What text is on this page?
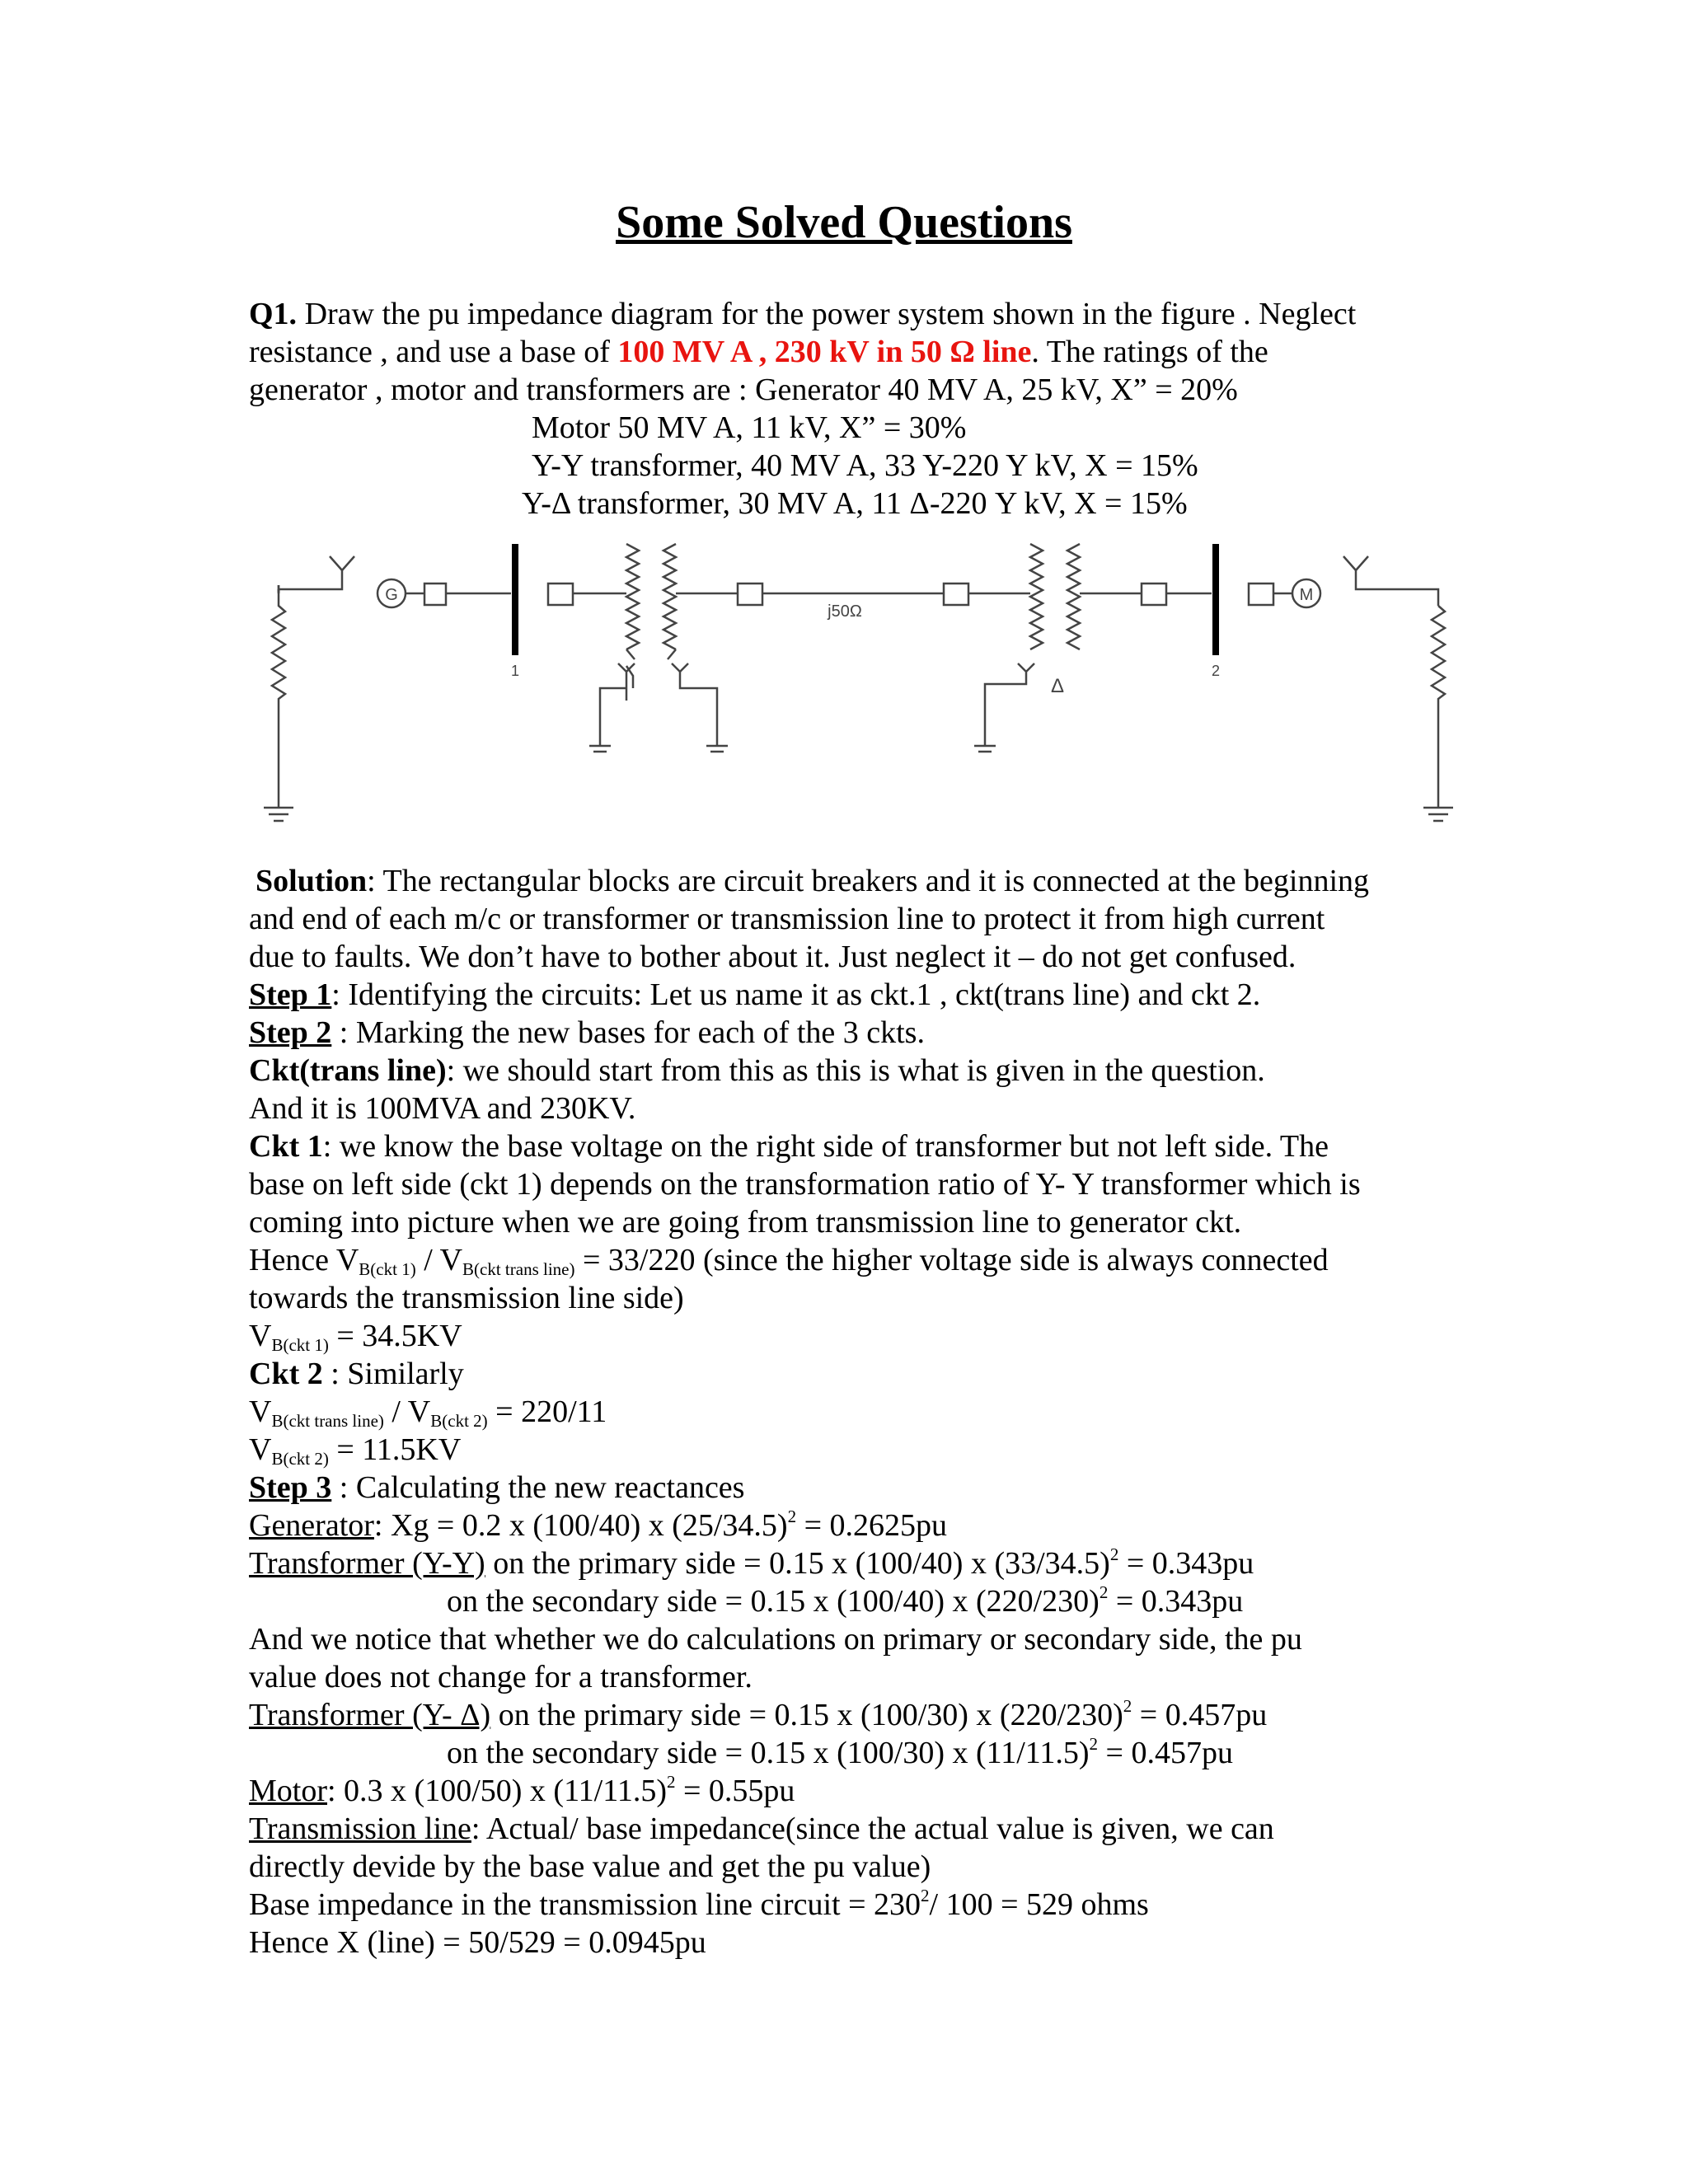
Some Solved Questions
Q1. Draw the pu impedance diagram for the power system shown in the figure . Neglect
resistance , and use a base of 100 MV A , 230 kV in 50 Ω line. The ratings of the
generator , motor and transformers are : Generator 40 MV A, 25 kV, X” = 20%
Motor 50 MV A, 11 kV, X” = 30%
Y-Y transformer, 40 MV A, 33 Y-220 Y kV, X = 15%
Y-Δ transformer, 30 MV A, 11 Δ-220 Y kV, X = 15%
G
1
j50Ω
2
M
Δ
Solution: The rectangular blocks are circuit breakers and it is connected at the beginning
and end of each m/c or transformer or transmission line to protect it from high current
due to faults. We don’t have to bother about it. Just neglect it – do not get confused.
Step 1: Identifying the circuits: Let us name it as ckt.1 , ckt(trans line) and ckt 2.
Step 2 : Marking the new bases for each of the 3 ckts.
Ckt(trans line): we should start from this as this is what is given in the question.
And it is 100MVA and 230KV.
Ckt 1: we know the base voltage on the right side of transformer but not left side. The
base on left side (ckt 1) depends on the transformation ratio of Y- Y transformer which is
coming into picture when we are going from transmission line to generator ckt.
Hence $V_{B(ckt 1)} / V_{B(ckt trans line)} = 33/220$ (since the higher voltage side is always connected
towards the transmission line side)
$V_{B(ckt 1)} = 34.5KV$
Ckt 2 : Similarly
$V_{B(ckt trans line)} / V_{B(ckt 2)} = 220/11$
$V_{B(ckt 2)} = 11.5KV$
Step 3 : Calculating the new reactances
Generator: Xg = 0.2 x (100/40) x $(25/34.5)^2 = 0.2625pu$
Transformer (Y-Y) on the primary side = 0.15 x (100/40) x $(33/34.5)^2 = 0.343pu$
on the secondary side = 0.15 x (100/40) x $(220/230)^2 = 0.343pu$
And we notice that whether we do calculations on primary or secondary side, the pu
value does not change for a transformer.
Transformer (Y- Δ) on the primary side = 0.15 x (100/30) x $(220/230)^2 = 0.457pu$
on the secondary side = 0.15 x (100/30) x $(11/11.5)^2 = 0.457pu$
Motor: 0.3 x (100/50) x $(11/11.5)^2 = 0.55pu$
Transmission line: Actual/ base impedance(since the actual value is given, we can
directly devide by the base value and get the pu value)
Base impedance in the transmission line circuit = $230^2/$ 100 = 529 ohms
Hence X (line) = 50/529 = 0.0945pu
